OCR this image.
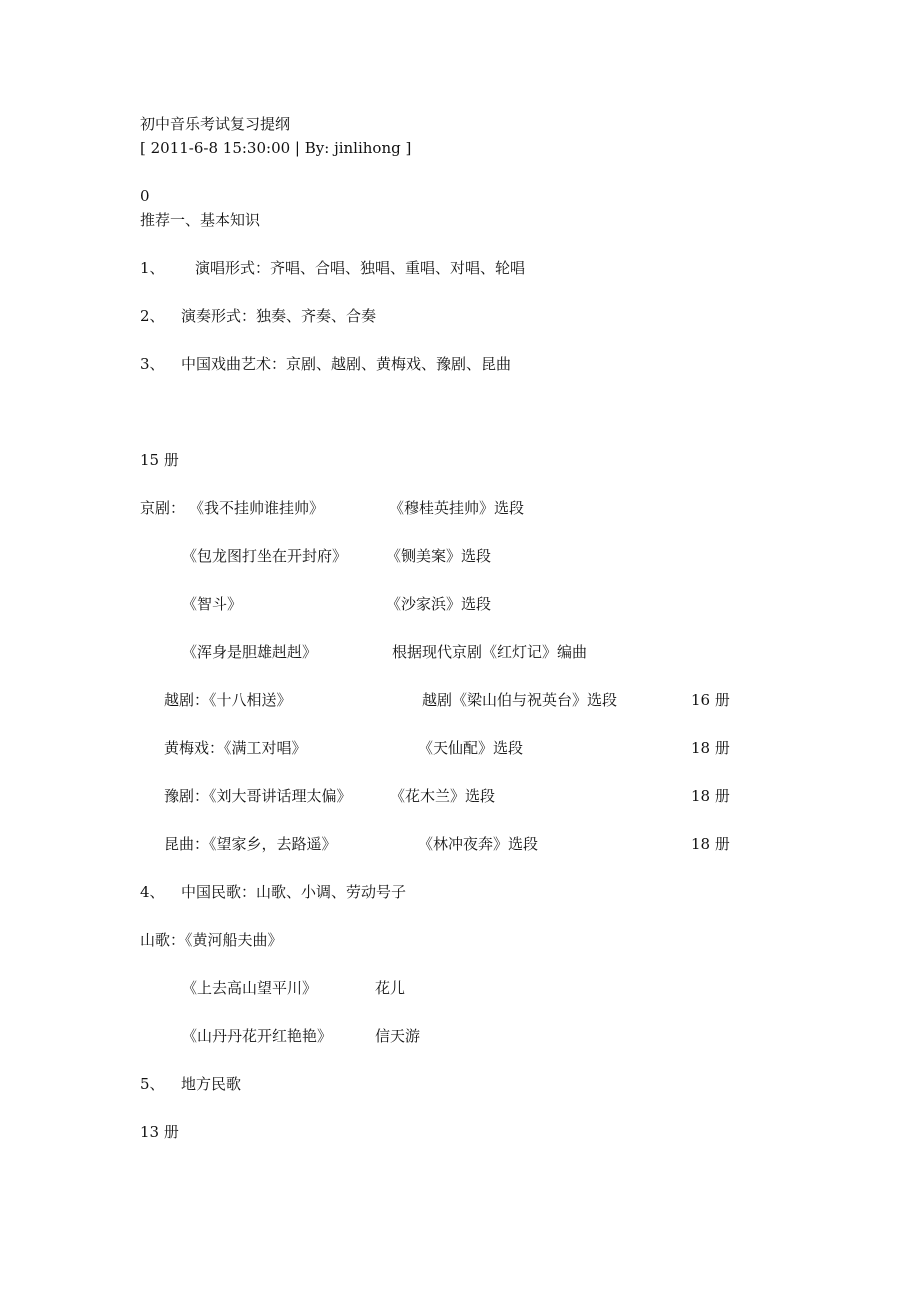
初中音乐考试复习提纲
[ 2011-6-8 15:30:00 | By: jinlihong ]
0
推荐一、基本知识
1、 演唱形式：齐唱、合唱、独唱、重唱、对唱、轮唱
2、 演奏形式：独奏、齐奏、合奏
3、 中国戏曲艺术：京剧、越剧、黄梅戏、豫剧、昆曲
15 册
京剧： 《我不挂帅谁挂帅》	《穆桂英挂帅》选段
《包龙图打坐在开封府》	《铡美案》选段
《智斗》	《沙家浜》选段
《浑身是胆雄赳赳》	根据现代京剧《红灯记》编曲
越剧：《十八相送》	越剧《梁山伯与祝英台》选段	16 册
黄梅戏：《满工对唱》	《天仙配》选段	18 册
豫剧：《刘大哥讲话理太偏》	《花木兰》选段	18 册
昆曲：《望家乡，去路遥》	《林冲夜奔》选段	18 册
4、 中国民歌：山歌、小调、劳动号子
山歌：《黄河船夫曲》
《上去高山望平川》	花儿
《山丹丹花开红艳艳》	信天游
5、 地方民歌
13 册
